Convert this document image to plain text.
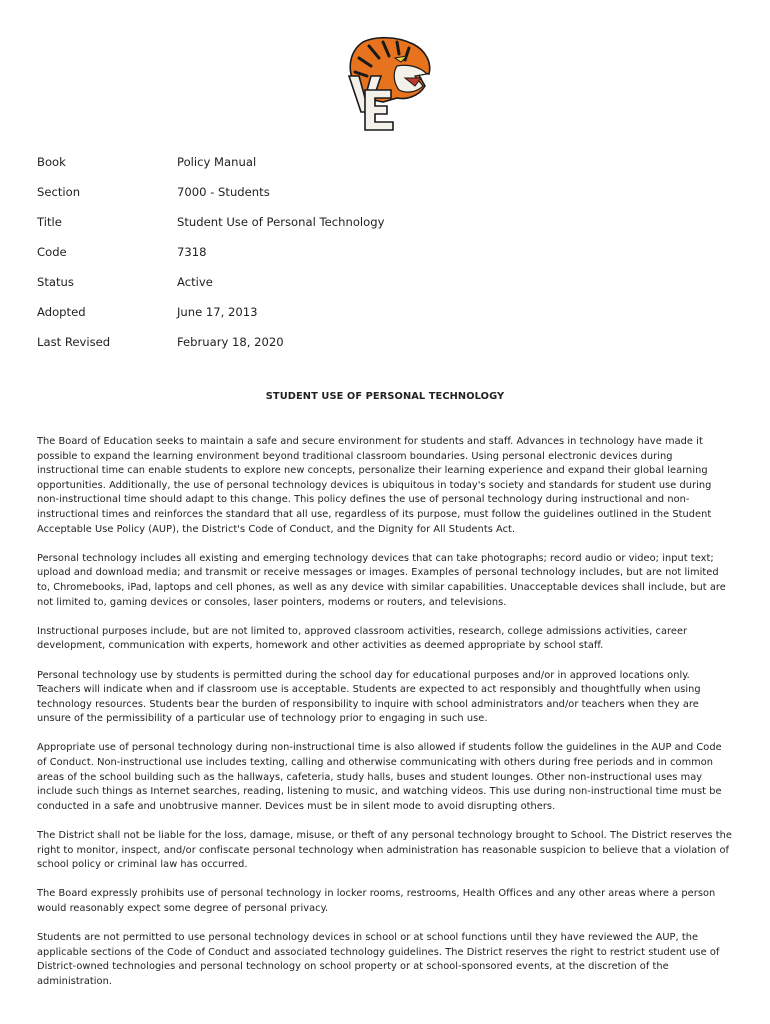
Book	Policy Manual
Section	7000 - Students
Title	Student Use of Personal Technology
Code	7318
Status	Active
Adopted	June 17, 2013
Last Revised	February 18, 2020
STUDENT USE OF PERSONAL TECHNOLOGY

The Board of Education seeks to maintain a safe and secure environment for students and staff. Advances in technology have made it possible to expand the learning environment beyond traditional classroom boundaries. Using personal electronic devices during instructional time can enable students to explore new concepts, personalize their learning experience and expand their global learning opportunities. Additionally, the use of personal technology devices is ubiquitous in today's society and standards for student use during non-instructional time should adapt to this change. This policy defines the use of personal technology during instructional and non-instructional times and reinforces the standard that all use, regardless of its purpose, must follow the guidelines outlined in the Student Acceptable Use Policy (AUP), the District's Code of Conduct, and the Dignity for All Students Act.

Personal technology includes all existing and emerging technology devices that can take photographs; record audio or video; input text; upload and download media; and transmit or receive messages or images. Examples of personal technology includes, but are not limited to, Chromebooks, iPad, laptops and cell phones, as well as any device with similar capabilities. Unacceptable devices shall include, but are not limited to, gaming devices or consoles, laser pointers, modems or routers, and televisions.

Instructional purposes include, but are not limited to, approved classroom activities, research, college admissions activities, career development, communication with experts, homework and other activities as deemed appropriate by school staff.

Personal technology use by students is permitted during the school day for educational purposes and/or in approved locations only. Teachers will indicate when and if classroom use is acceptable. Students are expected to act responsibly and thoughtfully when using technology resources. Students bear the burden of responsibility to inquire with school administrators and/or teachers when they are unsure of the permissibility of a particular use of technology prior to engaging in such use.

Appropriate use of personal technology during non-instructional time is also allowed if students follow the guidelines in the AUP and Code of Conduct. Non-instructional use includes texting, calling and otherwise communicating with others during free periods and in common areas of the school building such as the hallways, cafeteria, study halls, buses and student lounges. Other non-instructional uses may include such things as Internet searches, reading, listening to music, and watching videos. This use during non-instructional time must be conducted in a safe and unobtrusive manner. Devices must be in silent mode to avoid disrupting others.

The District shall not be liable for the loss, damage, misuse, or theft of any personal technology brought to School. The District reserves the right to monitor, inspect, and/or confiscate personal technology when administration has reasonable suspicion to believe that a violation of school policy or criminal law has occurred.

The Board expressly prohibits use of personal technology in locker rooms, restrooms, Health Offices and any other areas where a person would reasonably expect some degree of personal privacy.

Students are not permitted to use personal technology devices in school or at school functions until they have reviewed the AUP, the applicable sections of the Code of Conduct and associated technology guidelines. The District reserves the right to restrict student use of District-owned technologies and personal technology on school property or at school-sponsored events, at the discretion of the administration.
